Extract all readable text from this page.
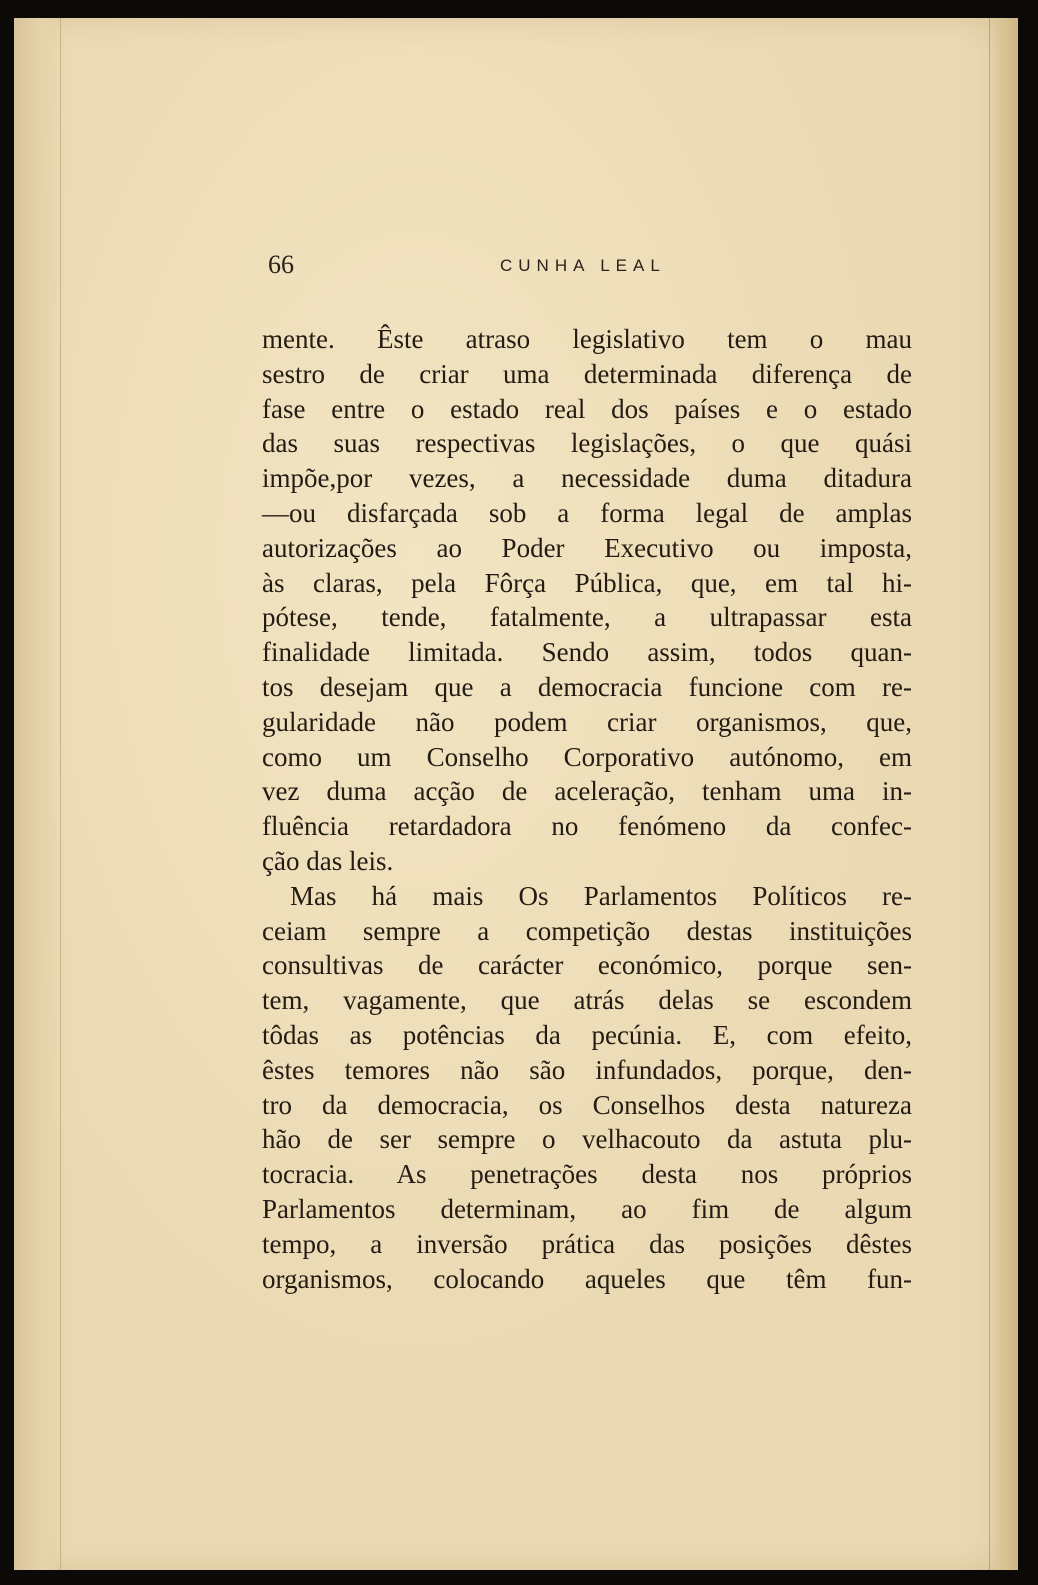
66	CUNHA LEAL
mente. Êste atraso legislativo tem o mau
sestro de criar uma determinada diferença de
fase entre o estado real dos países e o estado
das suas respectivas legislações, o que quási
impõe,por vezes, a necessidade duma ditadura
—ou disfarçada sob a forma legal de amplas
autorizações ao Poder Executivo ou imposta,
às claras, pela Fôrça Pública, que, em tal hi-
pótese, tende, fatalmente, a ultrapassar esta
finalidade limitada. Sendo assim, todos quan-
tos desejam que a democracia funcione com re-
gularidade não podem criar organismos, que,
como um Conselho Corporativo autónomo, em
vez duma acção de aceleração, tenham uma in-
fluência retardadora no fenómeno da confec-
ção das leis.
Mas há mais Os Parlamentos Políticos re-
ceiam sempre a competição destas instituições
consultivas de carácter económico, porque sen-
tem, vagamente, que atrás delas se escondem
tôdas as potências da pecúnia. E, com efeito,
êstes temores não são infundados, porque, den-
tro da democracia, os Conselhos desta natureza
hão de ser sempre o velhacouto da astuta plu-
tocracia. As penetrações desta nos próprios
Parlamentos determinam, ao fim de algum
tempo, a inversão prática das posições dêstes
organismos, colocando aqueles que têm fun-
